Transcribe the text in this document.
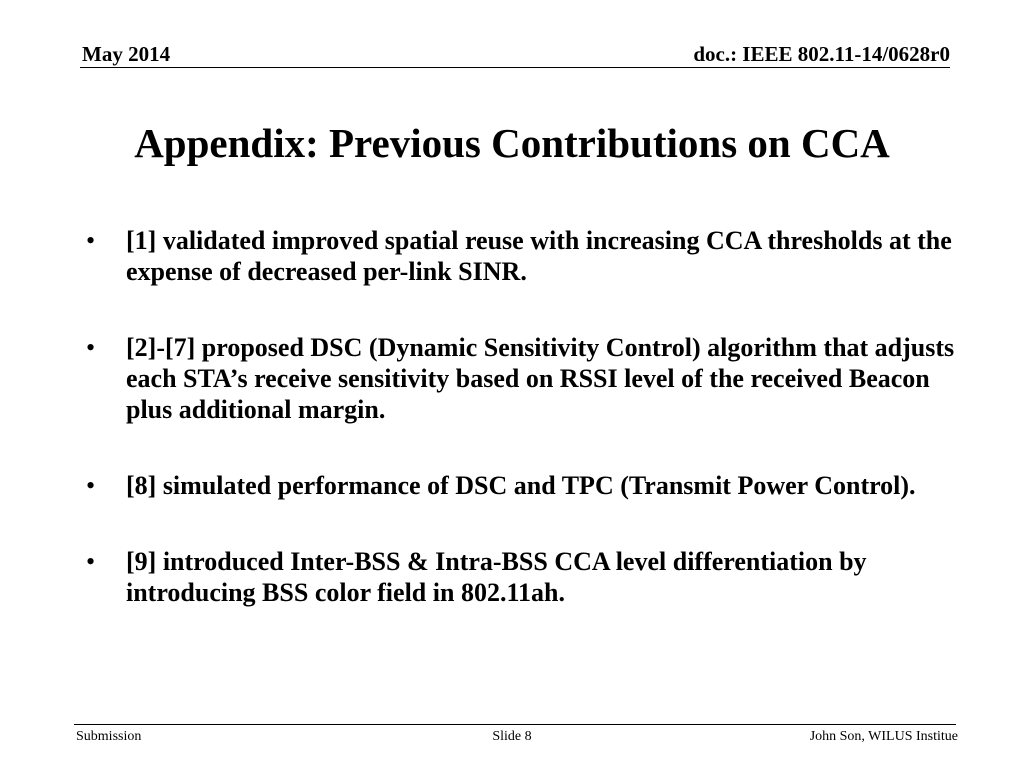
May 2014	doc.: IEEE 802.11-14/0628r0
Appendix: Previous Contributions on CCA
• [1] validated improved spatial reuse with increasing CCA thresholds at the expense of decreased per-link SINR.
• [2]-[7] proposed DSC (Dynamic Sensitivity Control) algorithm that adjusts each STA’s receive sensitivity based on RSSI level of the received Beacon plus additional margin.
• [8] simulated performance of DSC and TPC (Transmit Power Control).
• [9] introduced Inter-BSS & Intra-BSS CCA level differentiation by introducing BSS color field in 802.11ah.
Submission	Slide 8	John Son, WILUS Institue
